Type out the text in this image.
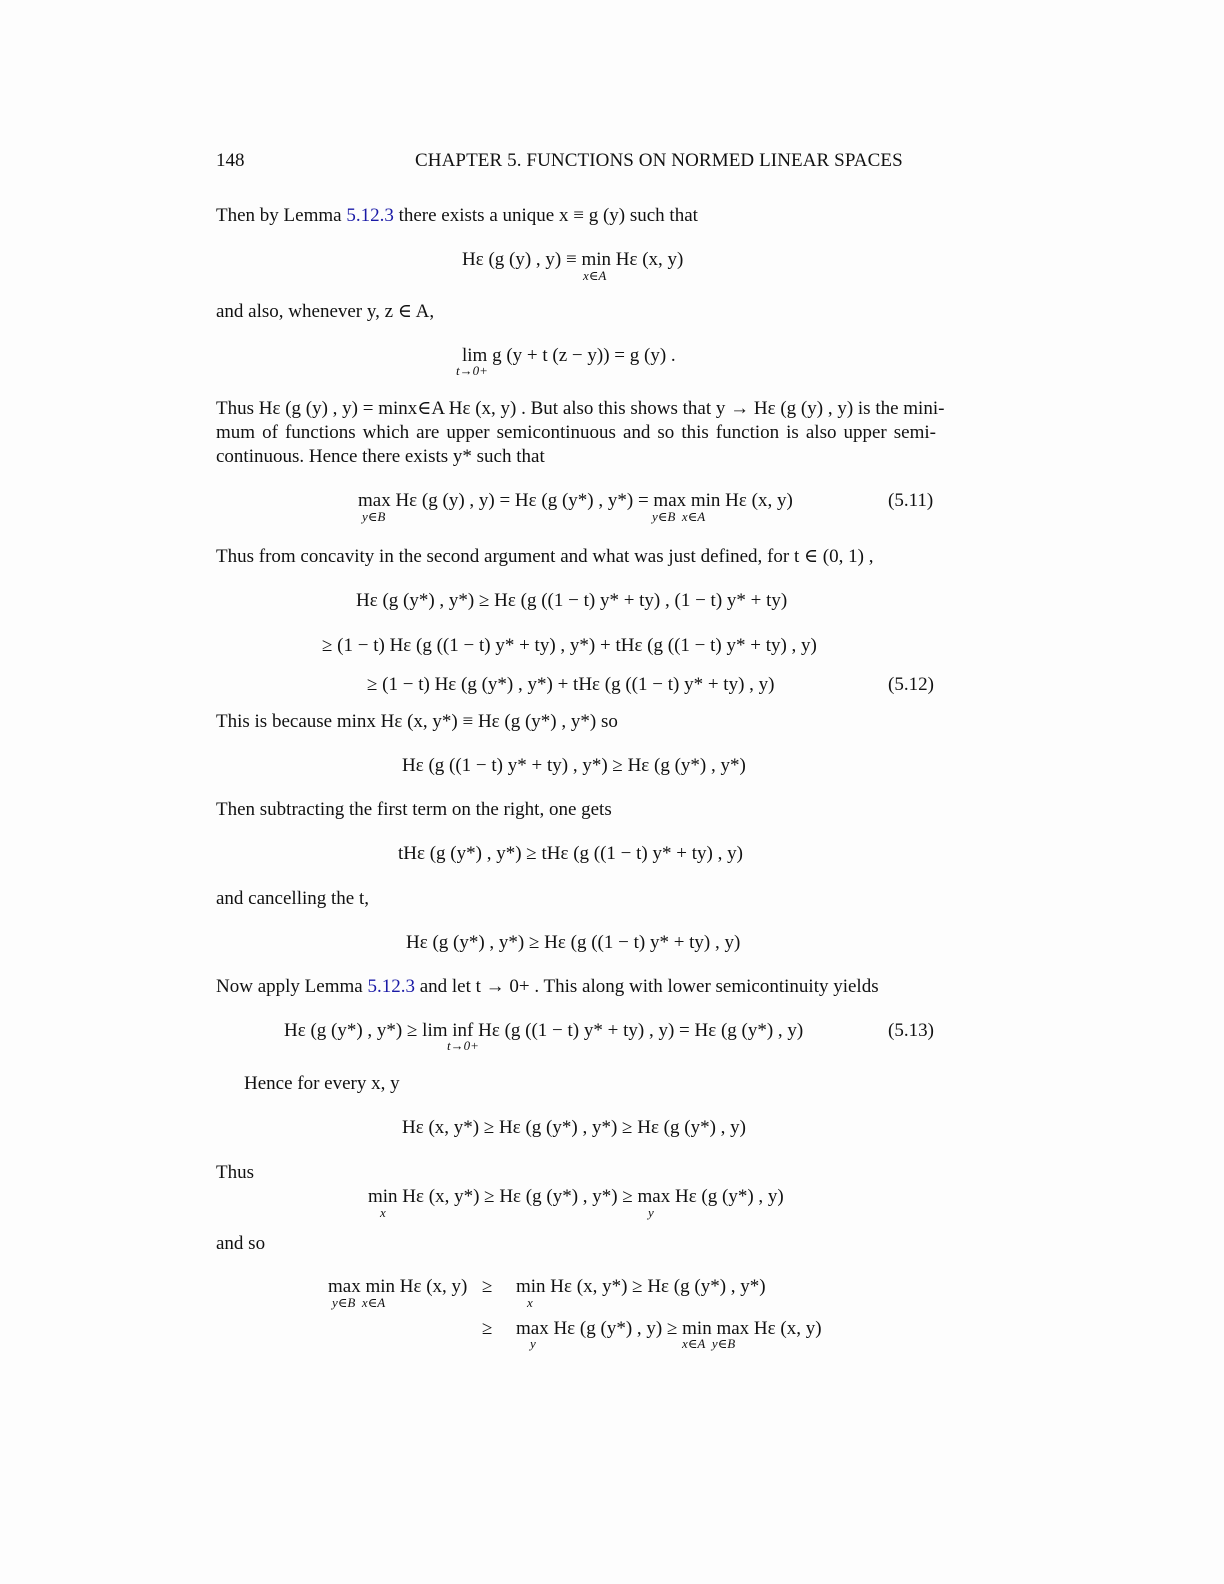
148	CHAPTER 5. FUNCTIONS ON NORMED LINEAR SPACES
Then by Lemma 5.12.3 there exists a unique x ≡ g (y) such that
Hε (g (y) , y) ≡ min Hε (x, y)
x∈A
and also, whenever y, z ∈ A,
lim g (y + t (z − y)) = g (y) .
t→0+
Thus Hε (g (y) , y) = minx∈A Hε (x, y) . But also this shows that y → Hε (g (y) , y) is the mini-
mum of functions which are upper semicontinuous and so this function is also upper semi-
continuous. Hence there exists y* such that
max Hε (g (y) , y) = Hε (g (y*) , y*) = max min Hε (x, y)
y∈B	y∈B  x∈A
(5.11)
Thus from concavity in the second argument and what was just defined, for t ∈ (0, 1) ,
Hε (g (y*) , y*) ≥ Hε (g ((1 − t) y* + ty) , (1 − t) y* + ty)
≥ (1 − t) Hε (g ((1 − t) y* + ty) , y*) + tHε (g ((1 − t) y* + ty) , y)
≥ (1 − t) Hε (g (y*) , y*) + tHε (g ((1 − t) y* + ty) , y)	(5.12)
This is because minx Hε (x, y*) ≡ Hε (g (y*) , y*) so
Hε (g ((1 − t) y* + ty) , y*) ≥ Hε (g (y*) , y*)
Then subtracting the first term on the right, one gets
tHε (g (y*) , y*) ≥ tHε (g ((1 − t) y* + ty) , y)
and cancelling the t,
Hε (g (y*) , y*) ≥ Hε (g ((1 − t) y* + ty) , y)
Now apply Lemma 5.12.3 and let t → 0+ . This along with lower semicontinuity yields
Hε (g (y*) , y*) ≥ lim inf Hε (g ((1 − t) y* + ty) , y) = Hε (g (y*) , y)
t→0+
(5.13)
Hence for every x, y
Hε (x, y*) ≥ Hε (g (y*) , y*) ≥ Hε (g (y*) , y)
Thus
min Hε (x, y*) ≥ Hε (g (y*) , y*) ≥ max Hε (g (y*) , y)
x	y
and so
max min Hε (x, y)
y∈B  x∈A
≥ min Hε (x, y*) ≥ Hε (g (y*) , y*)
x
≥ max Hε (g (y*) , y) ≥ min max Hε (x, y)
y	x∈A  y∈B
